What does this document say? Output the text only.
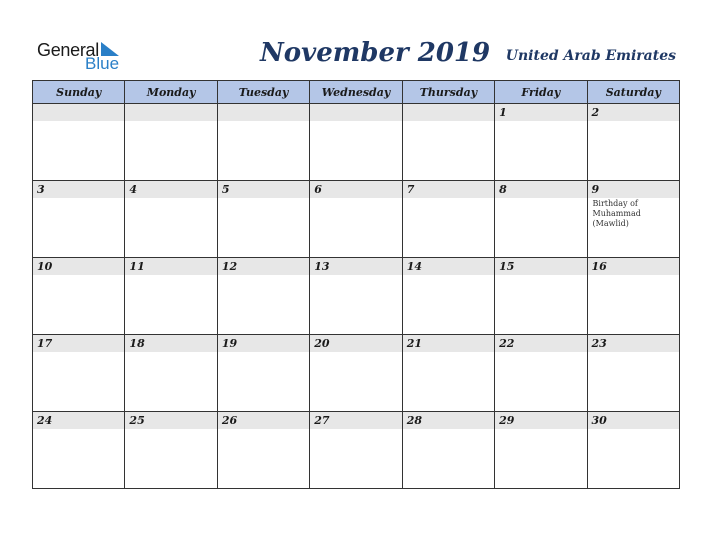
General
Blue	November 2019 United Arab Emirates
Sunday	Monday	Tuesday	Wednesday	Thursday	Friday	Saturday

					1	2

3	4	5	6	7	8	9
Birthday of Muhammad (Mawlid)

10	11	12	13	14	15	16

17	18	19	20	21	22	23

24	25	26	27	28	29	30
